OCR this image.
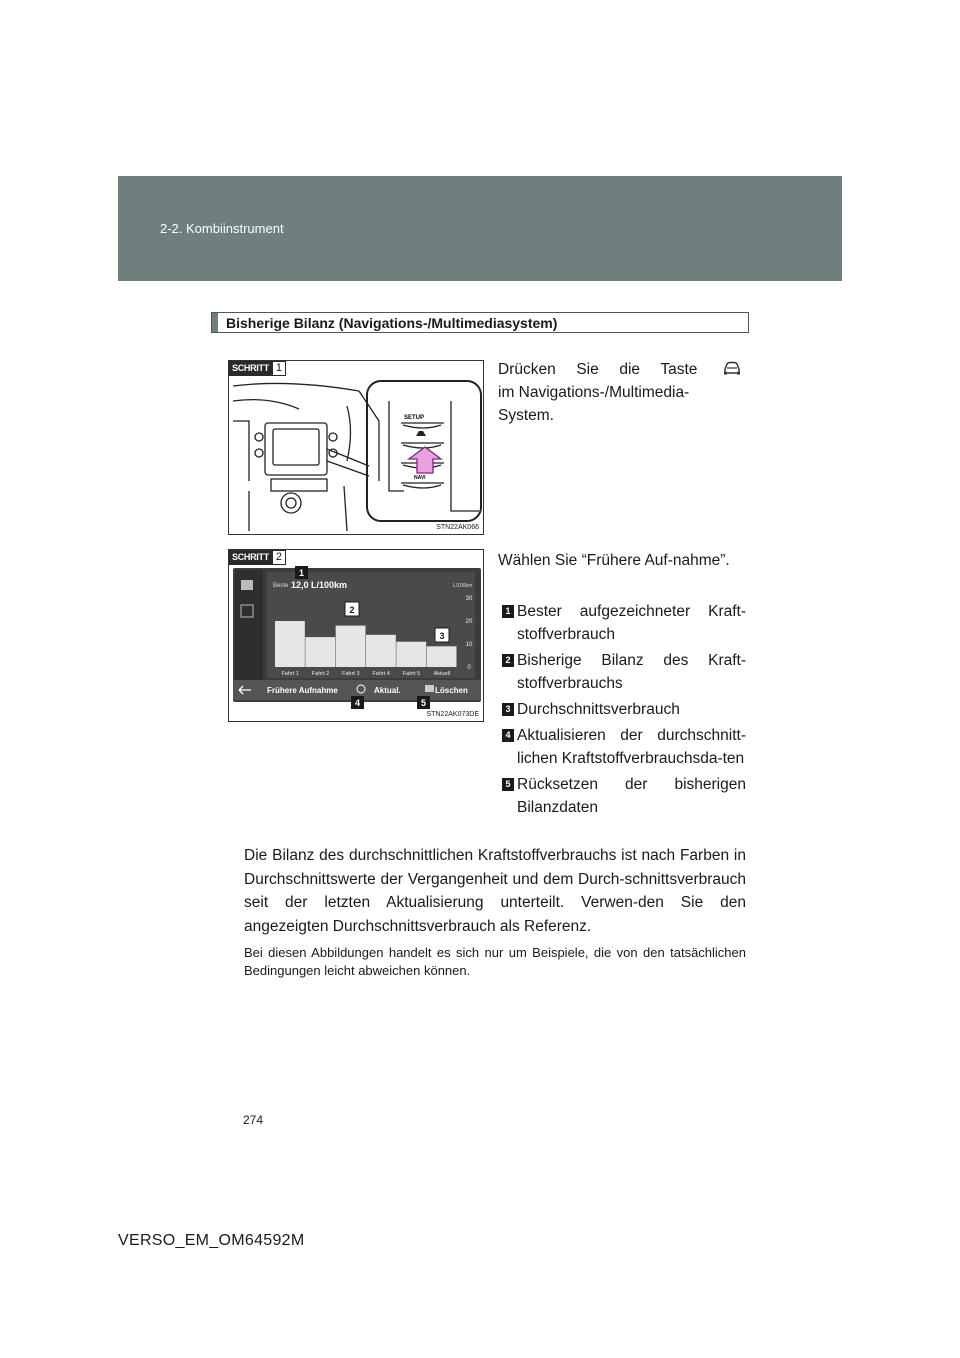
2-2. Kombiinstrument
Bisherige Bilanz (Navigations-/Multimediasystem)
SETUP
NAVI
SCHRITT 1
STN22AK066

Drücken Sie die Taste

im Navigations-/Multimedia-System.

SCHRITT 2
Beste 12,0 L/100km	L/100km
0
10
20
30
Fahrt 1 Fahrt 2 Fahrt 3 Fahrt 4 Fahrt 5 Aktuell
Frühere Aufnahme	Aktual.	Löschen
1
2
3
4	5
STN22AK073DE

Wählen Sie “Frühere Auf-nahme”.

1 Bester aufgezeichneter Kraft-stoffverbrauch
2 Bisherige Bilanz des Kraft-stoffverbrauchs
3 Durchschnittsverbrauch
4 Aktualisieren der durchschnitt-lichen Kraftstoffverbrauchsda-ten
5 Rücksetzen der bisherigen Bilanzdaten
Die Bilanz des durchschnittlichen Kraftstoffverbrauchs ist nach Farben in Durchschnittswerte der Vergangenheit und dem Durch-schnittsverbrauch seit der letzten Aktualisierung unterteilt. Verwen-den Sie den angezeigten Durchschnittsverbrauch als Referenz.
Bei diesen Abbildungen handelt es sich nur um Beispiele, die von den tatsächlichen Bedingungen leicht abweichen können.
274
VERSO_EM_OM64592M
